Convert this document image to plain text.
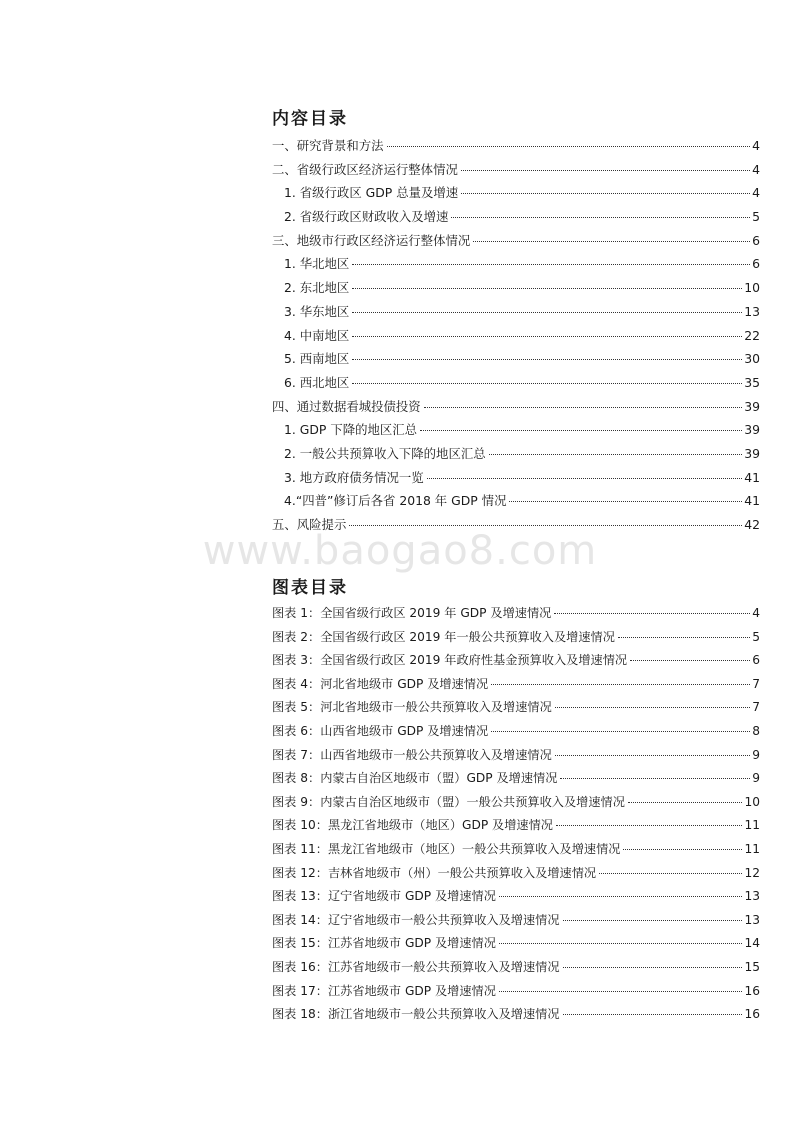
内容目录
一、研究背景和方法	4
二、省级行政区经济运行整体情况	4
1. 省级行政区 GDP 总量及增速	4
2. 省级行政区财政收入及增速	5
三、地级市行政区经济运行整体情况	6
1. 华北地区	6
2. 东北地区	10
3. 华东地区	13
4. 中南地区	22
5. 西南地区	30
6. 西北地区	35
四、通过数据看城投债投资	39
1. GDP 下降的地区汇总	39
2. 一般公共预算收入下降的地区汇总	39
3. 地方政府债务情况一览	41
4.“四普”修订后各省 2018 年 GDP 情况	41
五、风险提示	42
www.baogao8.com
图表目录
图表 1：全国省级行政区 2019 年 GDP 及增速情况	4
图表 2：全国省级行政区 2019 年一般公共预算收入及增速情况	5
图表 3：全国省级行政区 2019 年政府性基金预算收入及增速情况	6
图表 4：河北省地级市 GDP 及增速情况	7
图表 5：河北省地级市一般公共预算收入及增速情况	7
图表 6：山西省地级市 GDP 及增速情况	8
图表 7：山西省地级市一般公共预算收入及增速情况	9
图表 8：内蒙古自治区地级市（盟）GDP 及增速情况	9
图表 9：内蒙古自治区地级市（盟）一般公共预算收入及增速情况	10
图表 10：黑龙江省地级市（地区）GDP 及增速情况	11
图表 11：黑龙江省地级市（地区）一般公共预算收入及增速情况	11
图表 12：吉林省地级市（州）一般公共预算收入及增速情况	12
图表 13：辽宁省地级市 GDP 及增速情况	13
图表 14：辽宁省地级市一般公共预算收入及增速情况	13
图表 15：江苏省地级市 GDP 及增速情况	14
图表 16：江苏省地级市一般公共预算收入及增速情况	15
图表 17：江苏省地级市 GDP 及增速情况	16
图表 18：浙江省地级市一般公共预算收入及增速情况	16
